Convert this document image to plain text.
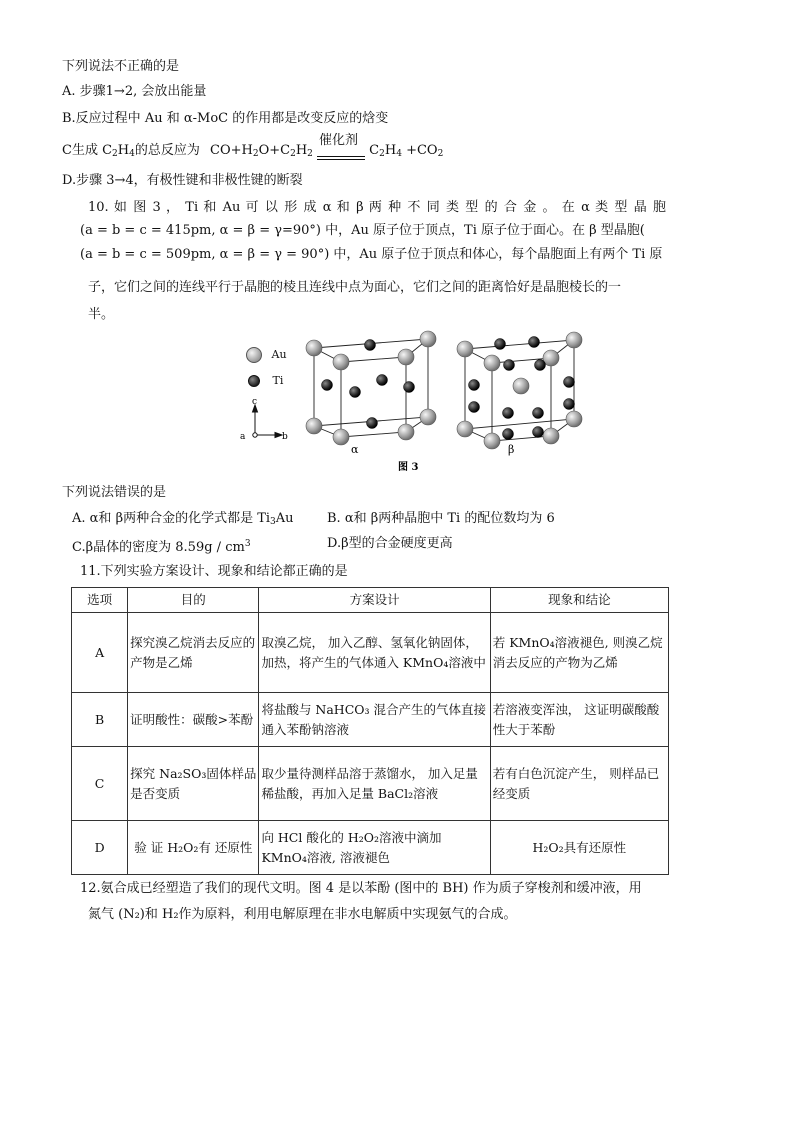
下列说法不正确的是
A. 步骤1→2, 会放出能量
B.反应过程中 Au 和 α-MoC 的作用都是改变反应的焓变
C生成 $C_2H_4$的总反应为 $CO+H_2O+C_2H_2$
催化剂
$C_2H_4 +CO_2$
D.步骤 3→4，有极性键和非极性键的断裂
10. 如 图 3 ， Ti 和 Au 可 以 形 成 α 和 β 两 种 不 同 类 型 的 合 金 。 在 α 类 型 晶 胞
(a = b = c = 415pm, α = β = γ=90°) 中，Au 原子位于顶点，Ti 原子位于面心。在 β 型晶胞(
(a = b = c = 509pm, α = β = γ = 90°) 中，Au 原子位于顶点和体心，每个晶胞面上有两个 Ti 原
子，它们之间的连线平行于晶胞的棱且连线中点为面心，它们之间的距离恰好是晶胞棱长的一
半。
Au
Ti
c
a	b
α	β
图 3
下列说法错误的是
A. α和 β两种合金的化学式都是 $Ti_3Au$	B. α和 β两种晶胞中 Ti 的配位数均为 6
C.β晶体的密度为 $8.59g / cm^3$	D.β型的合金硬度更高
11.下列实验方案设计、现象和结论都正确的是
选项	目的	方案设计	现象和结论
A	探究溴乙烷消去反应的产物是乙烯	取溴乙烷， 加入乙醇、氢氧化钠固体，加热，将产生的气体通入 KMnO₄溶液中	若 KMnO₄溶液褪色, 则溴乙烷消去反应的产物为乙烯
B	证明酸性：碳酸>苯酚	将盐酸与 NaHCO₃ 混合产生的气体直接通入苯酚钠溶液	若溶液变浑浊， 这证明碳酸酸性大于苯酚
C	探究 Na₂SO₃固体样品是否变质	取少量待测样品溶于蒸馏水， 加入足量稀盐酸，再加入足量 BaCl₂溶液	若有白色沉淀产生， 则样品已经变质
D	验 证 H₂O₂有 还原性	向 HCl 酸化的 H₂O₂溶液中滴加 KMnO₄溶液, 溶液褪色	H₂O₂具有还原性
12.氨合成已经塑造了我们的现代文明。图 4 是以苯酚 (图中的 BH) 作为质子穿梭剂和缓冲液，用
氮气 (N₂)和 H₂作为原料，利用电解原理在非水电解质中实现氨气的合成。
